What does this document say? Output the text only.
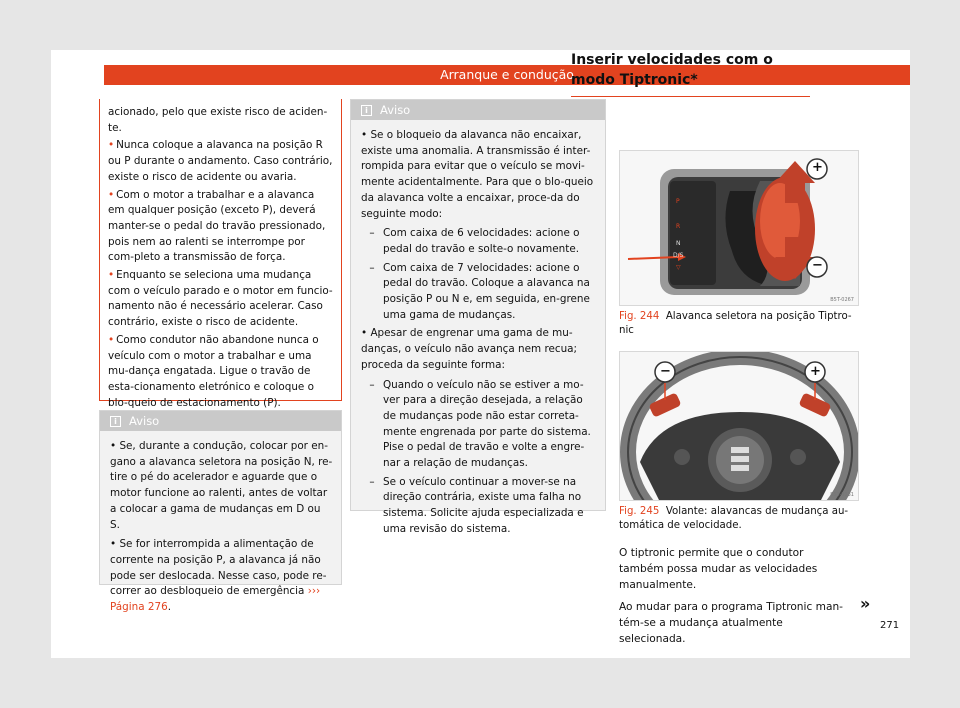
Arranque e condução

acionado, pelo que existe risco de aciden-te.

• Nunca coloque a alavanca na posição R ou P durante o andamento. Caso contrário, existe o risco de acidente ou avaria.

• Com o motor a trabalhar e a alavanca em qualquer posição (exceto P), deverá manter-se o pedal do travão pressionado, pois nem ao ralenti se interrompe por com-pleto a transmissão de força.

• Enquanto se seleciona uma mudança com o veículo parado e o motor em funcio-namento não é necessário acelerar. Caso contrário, existe o risco de acidente.

• Como condutor não abandone nunca o veículo com o motor a trabalhar e uma mu-dança engatada. Ligue o travão de esta-cionamento eletrónico e coloque o blo-queio de estacionamento (P).

i	Aviso

• Se, durante a condução, colocar por en-gano a alavanca seletora na posição N, re-tire o pé do acelerador e aguarde que o motor funcione ao ralenti, antes de voltar a colocar a gama de mudanças em D ou S.

• Se for interrompida a alimentação de corrente na posição P, a alavanca já não pode ser deslocada. Nesse caso, pode re-correr ao desbloqueio de emergência ››› Página 276.

i	Aviso

• Se o bloqueio da alavanca não encaixar, existe uma anomalia. A transmissão é inter-rompida para evitar que o veículo se movi-mente acidentalmente. Para que o blo-queio da alavanca volte a encaixar, proce-da do seguinte modo:

– Com caixa de 6 velocidades: acione o pedal do travão e solte-o novamente.
– Com caixa de 7 velocidades: acione o pedal do travão. Coloque a alavanca na posição P ou N e, em seguida, en-grene uma gama de mudanças.

• Apesar de engrenar uma gama de mu-danças, o veículo não avança nem recua; proceda da seguinte forma:

– Quando o veículo não se estiver a mo-ver para a direção desejada, a relação de mudanças pode não estar correta-mente engrenada por parte do sistema. Pise o pedal de travão e volte a engre-nar a relação de mudanças.
– Se o veículo continuar a mover-se na direção contrária, existe uma falha no sistema. Solicite ajuda especializada e uma revisão do sistema.
Inserir velocidades com o modo Tiptronic*
P
R
N
D/S
▽
+
−
B5T-0267
Fig. 244 Alavanca seletora na posição Tiptro-nic
−	+
B5T-0331
Fig. 245 Volante: alavancas de mudança au-tomática de velocidade.

O tiptronic permite que o condutor também possa mudar as velocidades manualmente.

Ao mudar para o programa Tiptronic man-tém-se a mudança atualmente selecionada.

»
271
